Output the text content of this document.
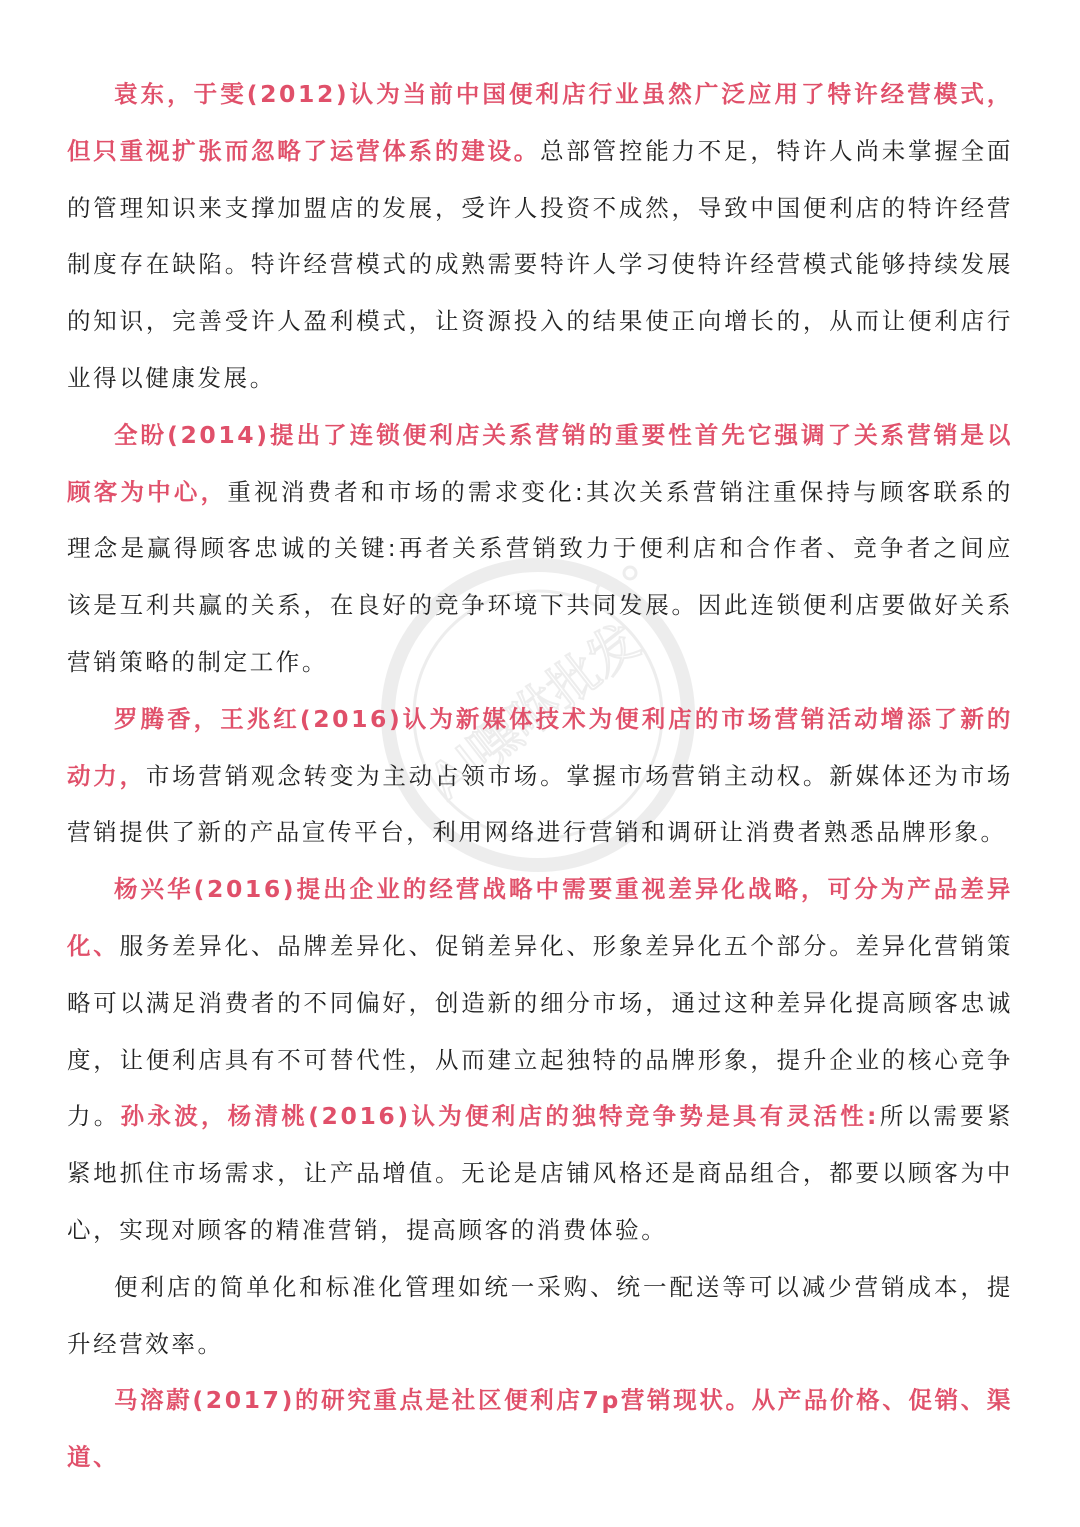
AI嘿咻批发

袁东，于雯(2012)认为当前中国便利店行业虽然广泛应用了特许经营模式，但只重视扩张而忽略了运营体系的建设。总部管控能力不足，特许人尚未掌握全面的管理知识来支撑加盟店的发展，受许人投资不成然，导致中国便利店的特许经营制度存在缺陷。特许经营模式的成熟需要特许人学习使特许经营模式能够持续发展的知识，完善受许人盈利模式，让资源投入的结果使正向增长的，从而让便利店行业得以健康发展。

全盼(2014)提出了连锁便利店关系营销的重要性首先它强调了关系营销是以顾客为中心，重视消费者和市场的需求变化:其次关系营销注重保持与顾客联系的理念是赢得顾客忠诚的关键:再者关系营销致力于便利店和合作者、竞争者之间应该是互利共赢的关系，在良好的竞争环境下共同发展。因此连锁便利店要做好关系营销策略的制定工作。

罗腾香，王兆红(2016)认为新媒体技术为便利店的市场营销活动增添了新的动力，市场营销观念转变为主动占领市场。掌握市场营销主动权。新媒体还为市场营销提供了新的产品宣传平台，利用网络进行营销和调研让消费者熟悉品牌形象。

杨兴华(2016)提出企业的经营战略中需要重视差异化战略，可分为产品差异化、服务差异化、品牌差异化、促销差异化、形象差异化五个部分。差异化营销策略可以满足消费者的不同偏好，创造新的细分市场，通过这种差异化提高顾客忠诚度，让便利店具有不可替代性，从而建立起独特的品牌形象，提升企业的核心竞争力。孙永波，杨清桃(2016)认为便利店的独特竞争势是具有灵活性:所以需要紧紧地抓住市场需求，让产品增值。无论是店铺风格还是商品组合，都要以顾客为中心，实现对顾客的精准营销，提高顾客的消费体验。

便利店的简单化和标准化管理如统一采购、统一配送等可以减少营销成本，提升经营效率。

马溶蔚(2017)的研究重点是社区便利店7p营销现状。从产品价格、促销、渠道、
